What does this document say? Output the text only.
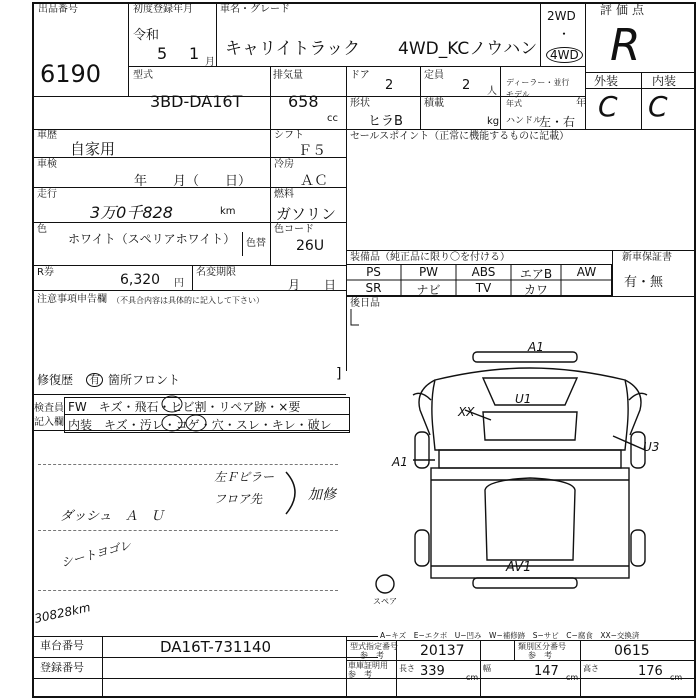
出品番号
6190
初度登録年月
令和
5 1 月
車名・グレード
キャリイトラック 4WD_KCノウハン
2WD
・
4WD
評価点
R
型式
3BD-DA16T
排気量
658
cc
ドア
2
定員
2 人
ディーラー・並行
形状
ヒラB
積載
kg
モデル
年式	年
ハンドル
左・右
外装	内装
C C
車歴
自家用
シフト
Ｆ５
車検
年　　月（　　日）
冷房
ＡＣ
走行
3万0千828	km
燃料
ガソリン
色
ホワイト（スペリアホワイト）	色替
色コード
26U
R券	6,320 円
名変期限
月　　日
セールスポイント（正常に機能するものに記載）
装備品（純正品に限り〇を付ける）	新車保証書
有・無
PS	PW	ABS	エアB	AW
SR	ナビ	TV	カワ
後日品
注意事項申告欄 （不具合内容は具体的に記入して下さい）
修復歴 有 箇所フロント	]
検査員
記入欄
FW　キズ・飛石・ヒビ割・リペア跡・×要
内装　キズ・汚レ・コゲ・穴・スレ・キレ・破レ
ダッシュ　Ａ　Ｕ
シートヨゴレ
左Ｆピラー
フロア先	加修
30828km	スペア
A1
U1
XX
A1
U3
AV1
A−キズ　E−エクボ　U−凹み　W−補修跡　S−サビ　C−腐食　XX−交換済
車台番号	DA16T-731140
登録番号
型式指定番号
参　考	20137	類別区分番号
参　考	0615
車庫証明用
参　考
長さ 339	cm
幅	147 cm
高さ	176 cm
